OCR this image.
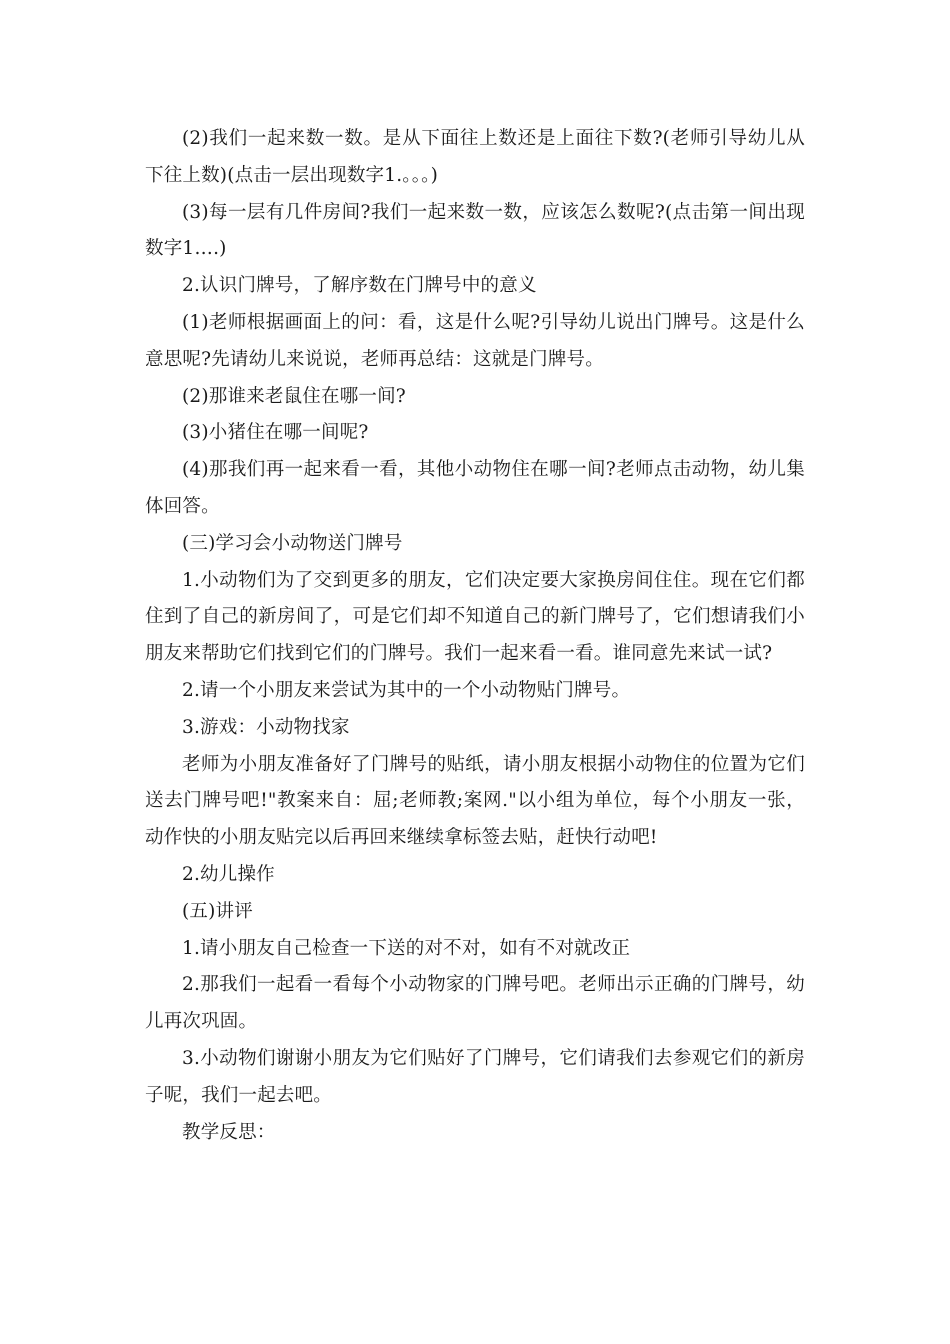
(2)我们一起来数一数。是从下面往上数还是上面往下数?(老师引导幼儿从下往上数)(点击一层出现数字1.。。。)

(3)每一层有几件房间?我们一起来数一数，应该怎么数呢?(点击第一间出现数字1….)

2.认识门牌号，了解序数在门牌号中的意义

(1)老师根据画面上的问：看，这是什么呢?引导幼儿说出门牌号。这是什么意思呢?先请幼儿来说说，老师再总结：这就是门牌号。

(2)那谁来老鼠住在哪一间?

(3)小猪住在哪一间呢?

(4)那我们再一起来看一看，其他小动物住在哪一间?老师点击动物，幼儿集体回答。

(三)学习会小动物送门牌号

1.小动物们为了交到更多的朋友，它们决定要大家换房间住住。现在它们都住到了自己的新房间了，可是它们却不知道自己的新门牌号了，它们想请我们小朋友来帮助它们找到它们的门牌号。我们一起来看一看。谁同意先来试一试?

2.请一个小朋友来尝试为其中的一个小动物贴门牌号。

3.游戏：小动物找家

老师为小朋友准备好了门牌号的贴纸，请小朋友根据小动物住的位置为它们送去门牌号吧!"教案来自：屈;老师教;案网."以小组为单位，每个小朋友一张，动作快的小朋友贴完以后再回来继续拿标签去贴，赶快行动吧!

2.幼儿操作

(五)讲评

1.请小朋友自己检查一下送的对不对，如有不对就改正

2.那我们一起看一看每个小动物家的门牌号吧。老师出示正确的门牌号，幼儿再次巩固。

3.小动物们谢谢小朋友为它们贴好了门牌号，它们请我们去参观它们的新房子呢，我们一起去吧。

教学反思：
